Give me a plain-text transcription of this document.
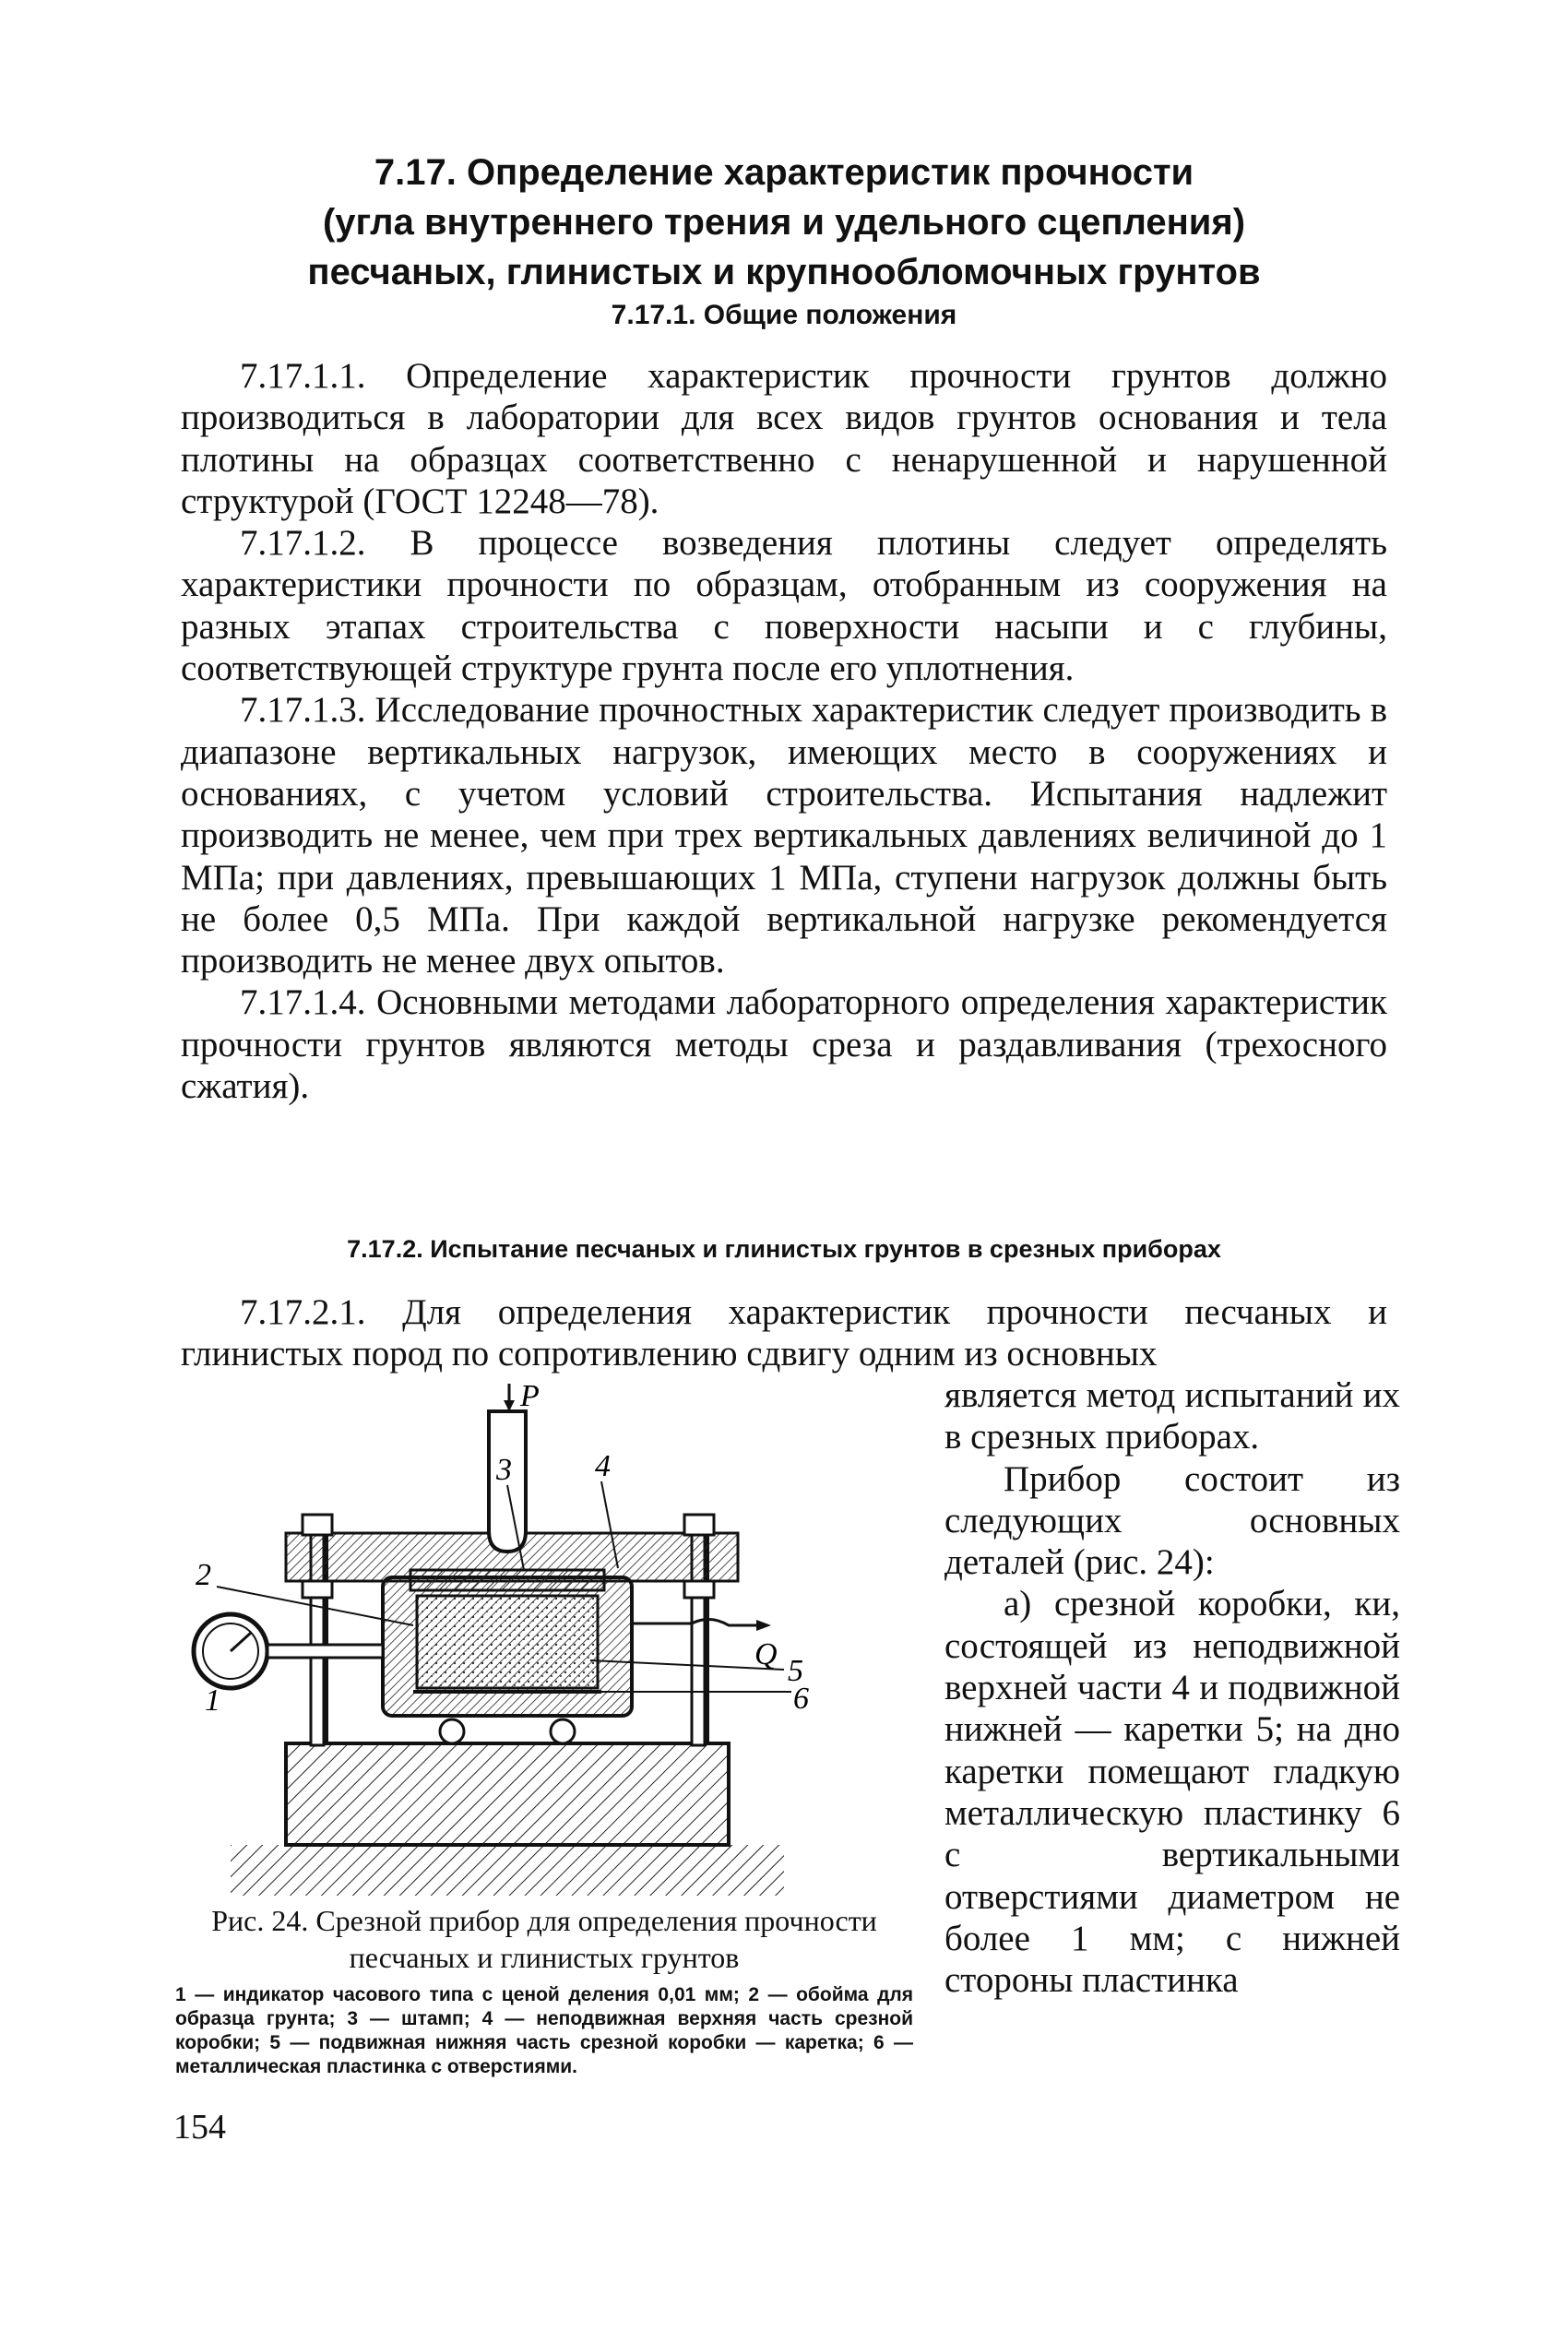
7.17. Определение характеристик прочности
(угла внутреннего трения и удельного сцепления)
песчаных, глинистых и крупнообломочных грунтов
7.17.1. Общие положения

7.17.1.1. Определение характеристик прочности грунтов должно производиться в лаборатории для всех видов грунтов основания и тела плотины на образцах соответственно с ненарушенной и нарушенной структурой (ГОСТ 12248—78).

7.17.1.2. В процессе возведения плотины следует определять характеристики прочности по образцам, отобранным из сооружения на разных этапах строительства с поверхности насыпи и с глубины, соответствующей структуре грунта после его уплотнения.

7.17.1.3. Исследование прочностных характеристик следует производить в диапазоне вертикальных нагрузок, имеющих место в сооружениях и основаниях, с учетом условий строительства. Испытания надлежит производить не менее, чем при трех вертикальных давлениях величиной до 1 МПа; при давлениях, превышающих 1 МПа, ступени нагрузок должны быть не более 0,5 МПа. При каждой вертикальной нагрузке рекомендуется производить не менее двух опытов.

7.17.1.4. Основными методами лабораторного определения характеристик прочности грунтов являются методы среза и раздавливания (трехосного сжатия).

7.17.2. Испытание песчаных и глинистых грунтов в срезных приборах

7.17.2.1. Для определения характеристик прочности песчаных и глинистых пород по сопротивлению сдвигу одним из основных

является метод испытаний их в срезных приборах.

Прибор состоит из следующих основных деталей (рис. 24):

а) срезной коробки, ки, состоящей из неподвижной верхней части 4 и подвижной нижней — каретки 5; на дно каретки помещают гладкую металлическую пластинку 6 с вертикальными отверстиями диаметром не более 1 мм; с нижней стороны пластинка

P
Q
2
3	4
5
6
1
Рис. 24. Срезной прибор для определения прочности песчаных и глинистых грунтов
1 — индикатор часового типа с ценой деления 0,01 мм; 2 — обойма для образца грунта; 3 — штамп; 4 — неподвижная верхняя часть срезной коробки; 5 — подвижная нижняя часть срезной коробки — каретка; 6 — металлическая пластинка с отверстиями.
154
